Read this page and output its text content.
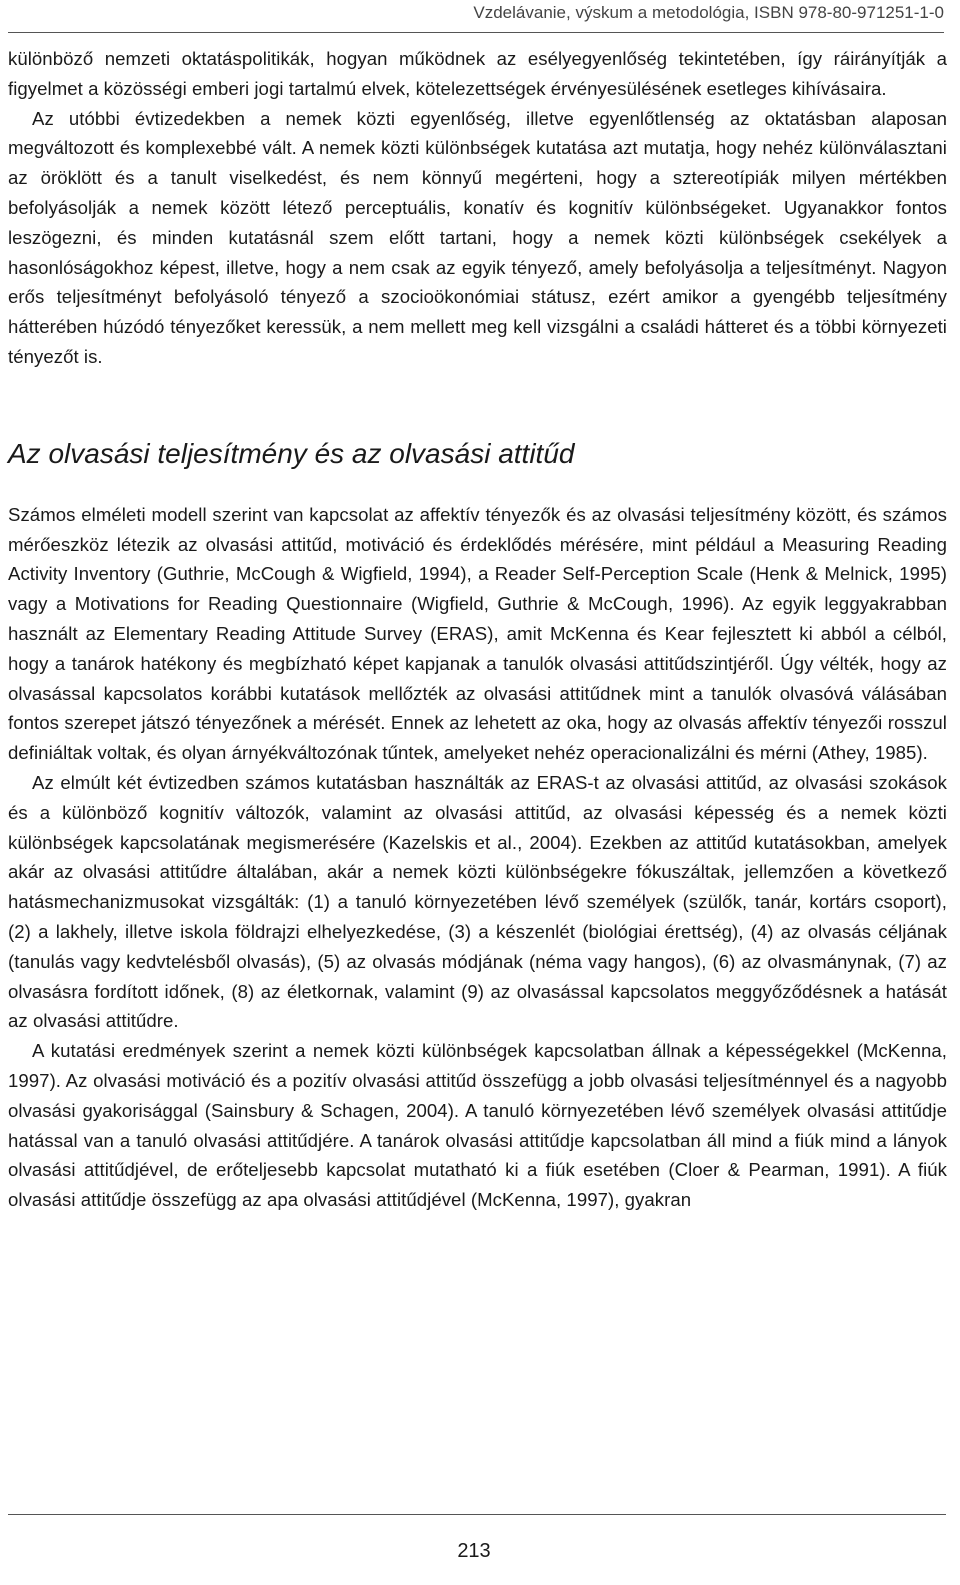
Vzdelávanie, výskum a metodológia, ISBN 978-80-971251-1-0

különböző nemzeti oktatáspolitikák, hogyan működnek az esélyegyenlőség tekintetében, így ráirányítják a figyelmet a közösségi emberi jogi tartalmú elvek, kötelezettségek érvényesülésének esetleges kihívásaira.

Az utóbbi évtizedekben a nemek közti egyenlőség, illetve egyenlőtlenség az oktatásban alaposan megváltozott és komplexebbé vált. A nemek közti különbségek kutatása azt mutatja, hogy nehéz különválasztani az öröklött és a tanult viselkedést, és nem könnyű megérteni, hogy a sztereotípiák milyen mértékben befolyásolják a nemek között létező perceptuális, konatív és kognitív különbségeket. Ugyanakkor fontos leszögezni, és minden kutatásnál szem előtt tartani, hogy a nemek közti különbségek csekélyek a hasonlóságokhoz képest, illetve, hogy a nem csak az egyik tényező, amely befolyásolja a teljesítményt. Nagyon erős teljesítményt befolyásoló tényező a szocioökonómiai státusz, ezért amikor a gyengébb teljesítmény hátterében húzódó tényezőket keressük, a nem mellett meg kell vizsgálni a családi hátteret és a többi környezeti tényezőt is.

Az olvasási teljesítmény és az olvasási attitűd

Számos elméleti modell szerint van kapcsolat az affektív tényezők és az olvasási teljesítmény között, és számos mérőeszköz létezik az olvasási attitűd, motiváció és érdeklődés mérésére, mint például a Measuring Reading Activity Inventory (Guthrie, McCough & Wigfield, 1994), a Reader Self-Perception Scale (Henk & Melnick, 1995) vagy a Motivations for Reading Questionnaire (Wigfield, Guthrie & McCough, 1996). Az egyik leggyakrabban használt az Elementary Reading Attitude Survey (ERAS), amit McKenna és Kear fejlesztett ki abból a célból, hogy a tanárok hatékony és megbízható képet kapjanak a tanulók olvasási attitűdszintjéről. Úgy vélték, hogy az olvasással kapcsolatos korábbi kutatások mellőzték az olvasási attitűdnek mint a tanulók olvasóvá válásában fontos szerepet játszó tényezőnek a mérését. Ennek az lehetett az oka, hogy az olvasás affektív tényezői rosszul definiáltak voltak, és olyan árnyékváltozónak tűntek, amelyeket nehéz operacionalizálni és mérni (Athey, 1985).

Az elmúlt két évtizedben számos kutatásban használták az ERAS-t az olvasási attitűd, az olvasási szokások és a különböző kognitív változók, valamint az olvasási attitűd, az olvasási képesség és a nemek közti különbségek kapcsolatának megismerésére (Kazelskis et al., 2004). Ezekben az attitűd kutatásokban, amelyek akár az olvasási attitűdre általában, akár a nemek közti különbségekre fókuszáltak, jellemzően a következő hatásmechanizmusokat vizsgálták: (1) a tanuló környezetében lévő személyek (szülők, tanár, kortárs csoport), (2) a lakhely, illetve iskola földrajzi elhelyezkedése, (3) a készenlét (biológiai érettség), (4) az olvasás céljának (tanulás vagy kedvtelésből olvasás), (5) az olvasás módjának (néma vagy hangos), (6) az olvasmánynak, (7) az olvasásra fordított időnek, (8) az életkornak, valamint (9) az olvasással kapcsolatos meggyőződésnek a hatását az olvasási attitűdre.

A kutatási eredmények szerint a nemek közti különbségek kapcsolatban állnak a képességekkel (McKenna, 1997). Az olvasási motiváció és a pozitív olvasási attitűd összefügg a jobb olvasási teljesítménnyel és a nagyobb olvasási gyakorisággal (Sainsbury & Schagen, 2004). A tanuló környezetében lévő személyek olvasási attitűdje hatással van a tanuló olvasási attitűdjére. A tanárok olvasási attitűdje kapcsolatban áll mind a fiúk mind a lányok olvasási attitűdjével, de erőteljesebb kapcsolat mutatható ki a fiúk esetében (Cloer & Pearman, 1991). A fiúk olvasási attitűdje összefügg az apa olvasási attitűdjével (McKenna, 1997), gyakran

213
